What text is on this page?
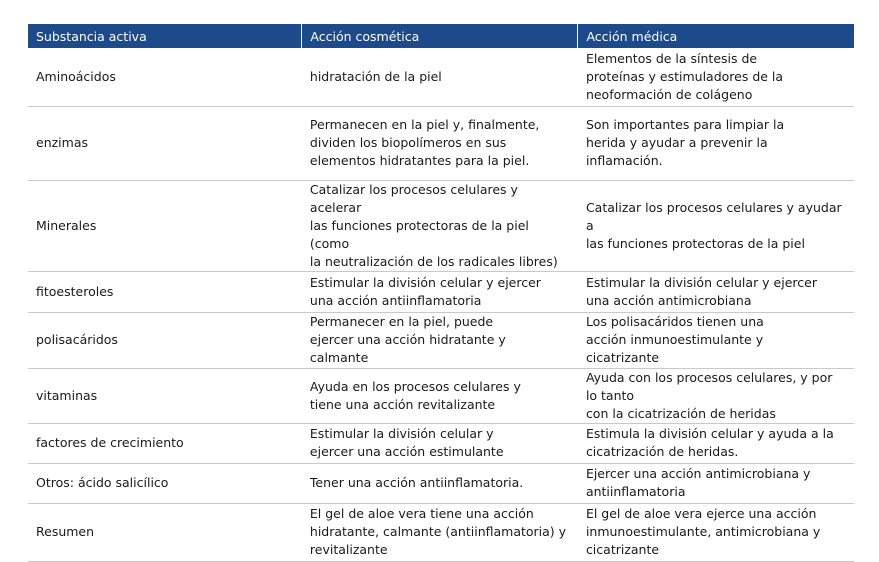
Substancia activa	Acción cosmética	Acción médica
Aminoácidos	hidratación de la piel	Elementos de la síntesis de
proteínas y estimuladores de la
neoformación de colágeno
enzimas	Permanecen en la piel y, finalmente,
dividen los biopolímeros en sus
elementos hidratantes para la piel.	Son importantes para limpiar la
herida y ayudar a prevenir la
inflamación.
Minerales	Catalizar los procesos celulares y acelerar
las funciones protectoras de la piel (como
la neutralización de los radicales libres)	Catalizar los procesos celulares y ayudar a
las funciones protectoras de la piel
fitoesteroles	Estimular la división celular y ejercer
una acción antiinflamatoria	Estimular la división celular y ejercer
una acción antimicrobiana
polisacáridos	Permanecer en la piel, puede
ejercer una acción hidratante y
calmante	Los polisacáridos tienen una
acción inmunoestimulante y
cicatrizante
vitaminas	Ayuda en los procesos celulares y
tiene una acción revitalizante	Ayuda con los procesos celulares, y por lo tanto
con la cicatrización de heridas
factores de crecimiento	Estimular la división celular y
ejercer una acción estimulante	Estimula la división celular y ayuda a la
cicatrización de heridas.
Otros: ácido salicílico	Tener una acción antiinflamatoria.	Ejercer una acción antimicrobiana y
antiinflamatoria
Resumen	El gel de aloe vera tiene una acción
hidratante, calmante (antiinflamatoria) y
revitalizante	El gel de aloe vera ejerce una acción
inmunoestimulante, antimicrobiana y
cicatrizante
